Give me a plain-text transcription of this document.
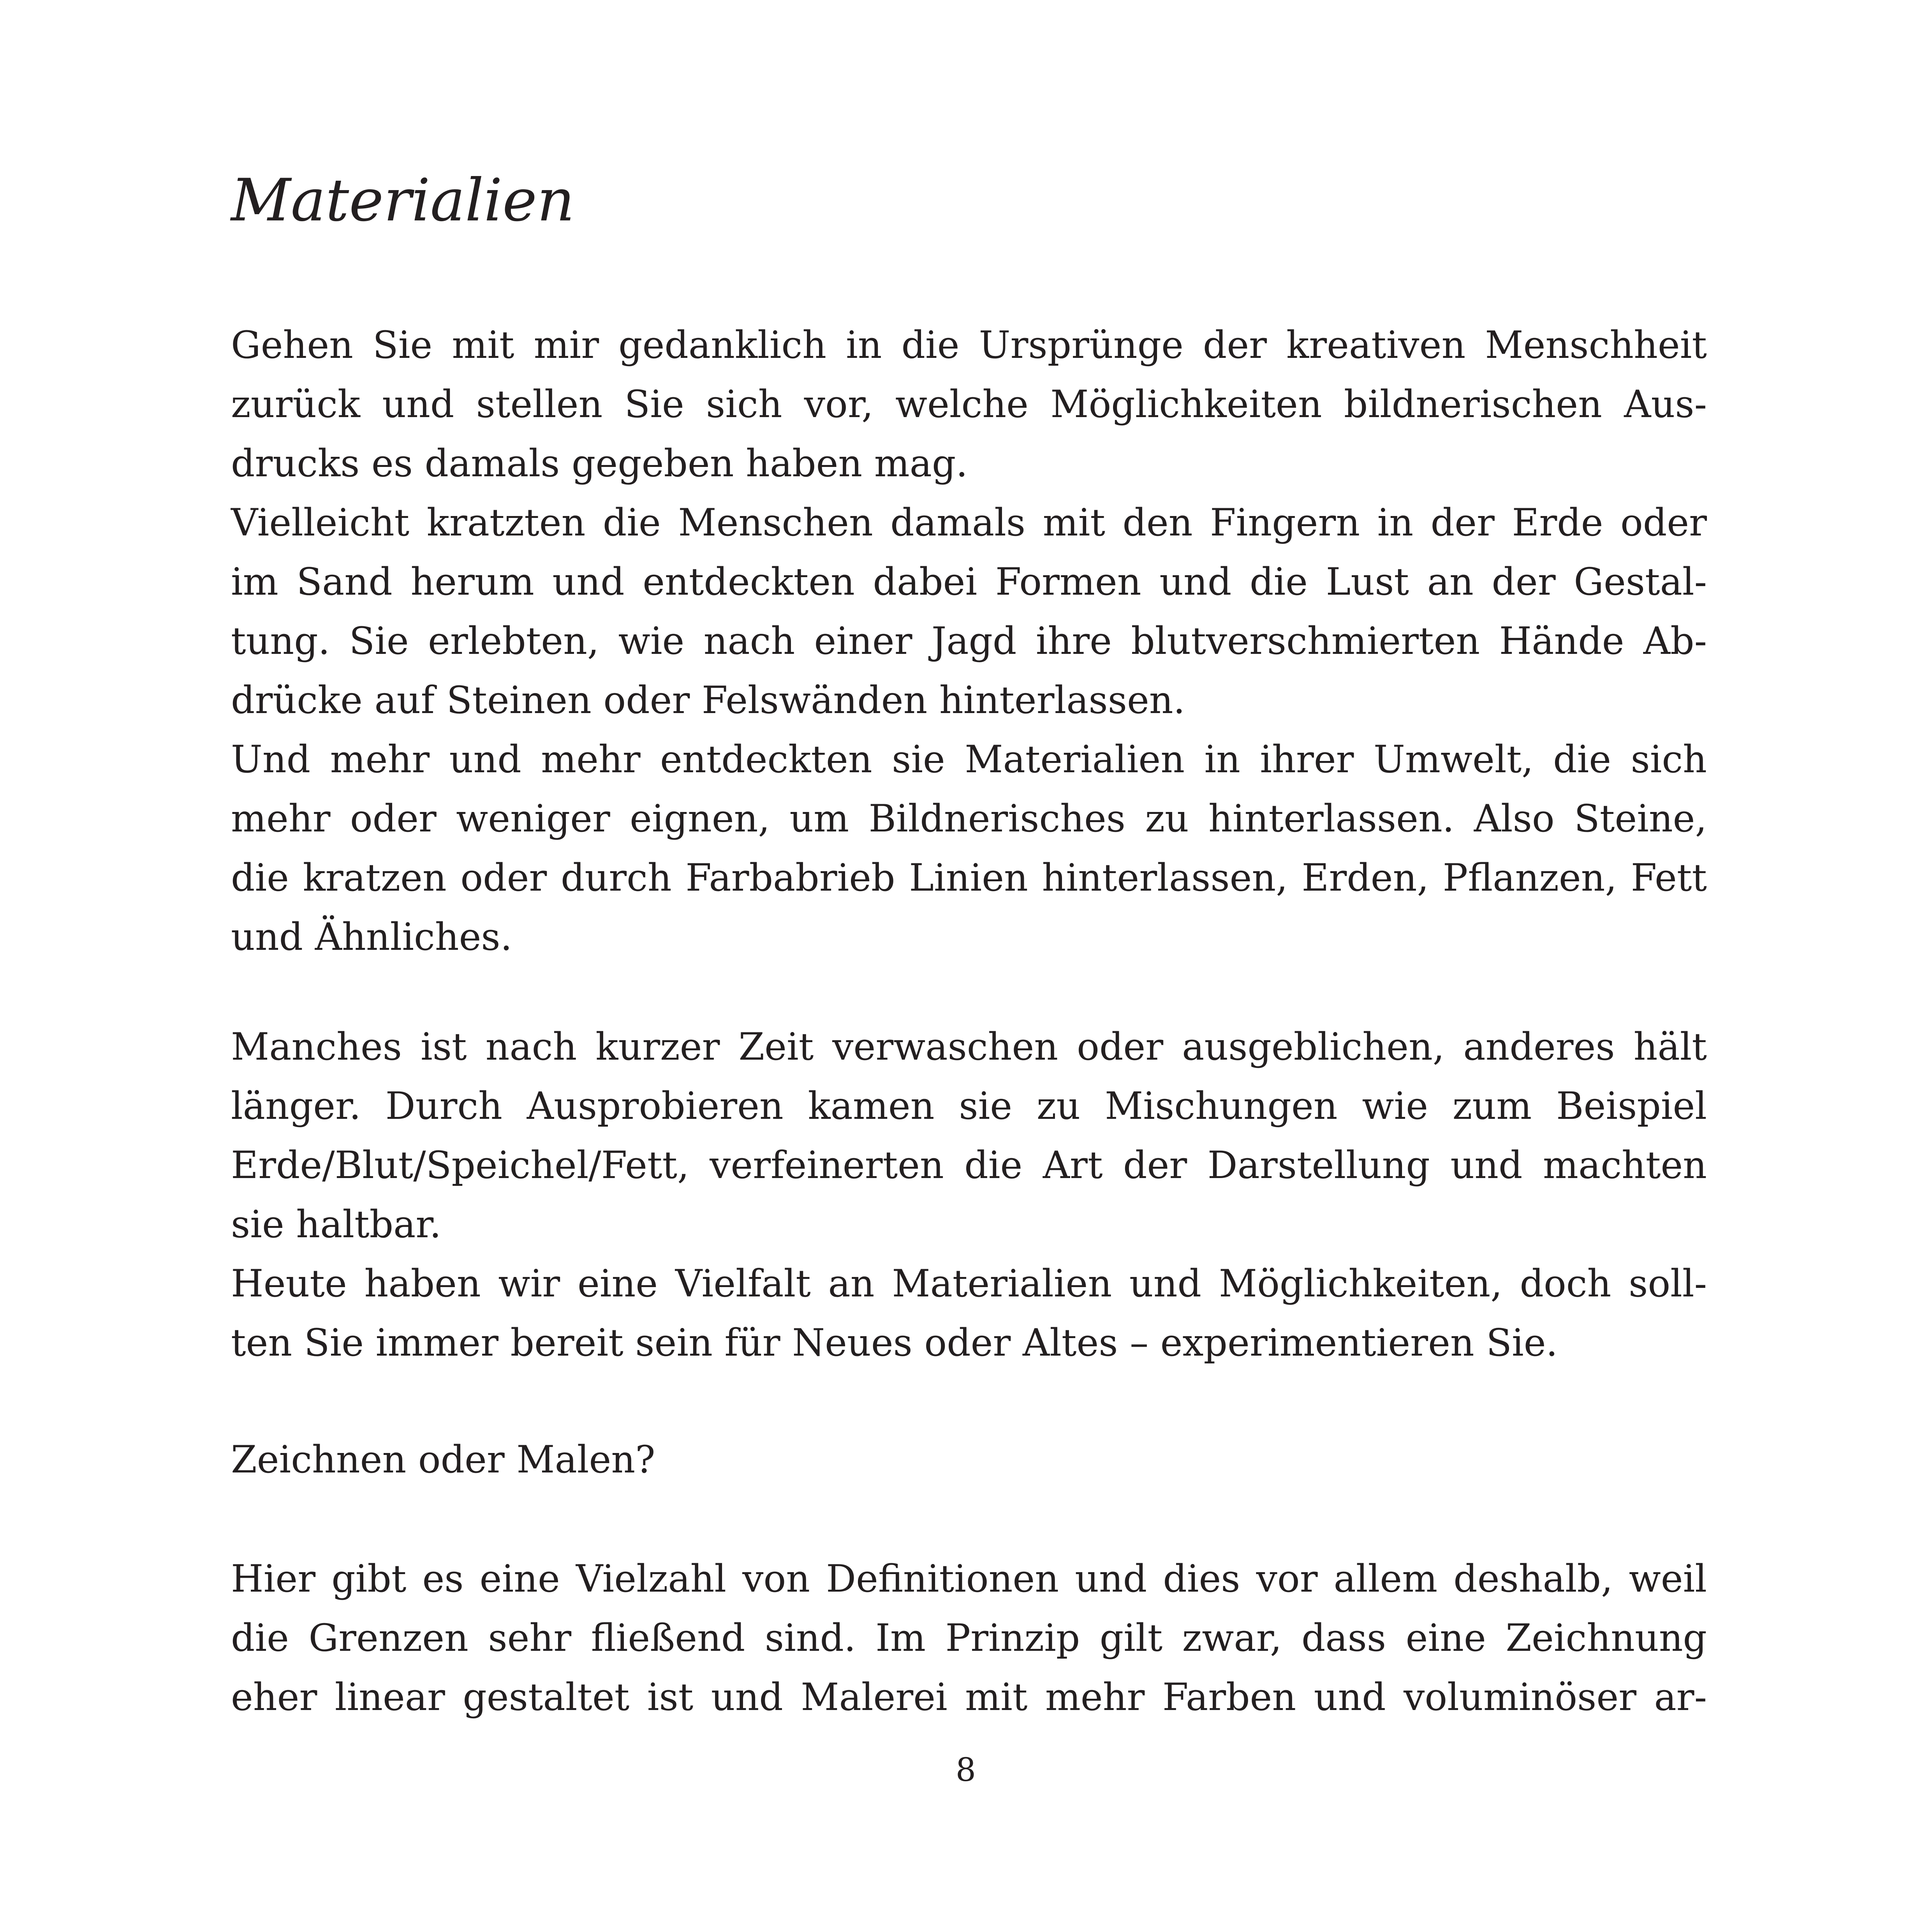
Materialien
Gehen Sie mit mir gedanklich in die Ursprünge der kreativen Menschheit
zurück und stellen Sie sich vor, welche Möglichkeiten bildnerischen Aus-
drucks es damals gegeben haben mag.
Vielleicht kratzten die Menschen damals mit den Fingern in der Erde oder
im Sand herum und entdeckten dabei Formen und die Lust an der Gestal-
tung. Sie erlebten, wie nach einer Jagd ihre blutverschmierten Hände Ab-
drücke auf Steinen oder Felswänden hinterlassen.
Und mehr und mehr entdeckten sie Materialien in ihrer Umwelt, die sich
mehr oder weniger eignen, um Bildnerisches zu hinterlassen. Also Steine,
die kratzen oder durch Farbabrieb Linien hinterlassen, Erden, Pflanzen, Fett
und Ähnliches.
Manches ist nach kurzer Zeit verwaschen oder ausgeblichen, anderes hält
länger. Durch Ausprobieren kamen sie zu Mischungen wie zum Beispiel
Erde/Blut/Speichel/Fett, verfeinerten die Art der Darstellung und machten
sie haltbar.
Heute haben wir eine Vielfalt an Materialien und Möglichkeiten, doch soll-
ten Sie immer bereit sein für Neues oder Altes – experimentieren Sie.
Zeichnen oder Malen?
Hier gibt es eine Vielzahl von Definitionen und dies vor allem deshalb, weil
die Grenzen sehr fließend sind. Im Prinzip gilt zwar, dass eine Zeichnung
eher linear gestaltet ist und Malerei mit mehr Farben und voluminöser ar-
8
